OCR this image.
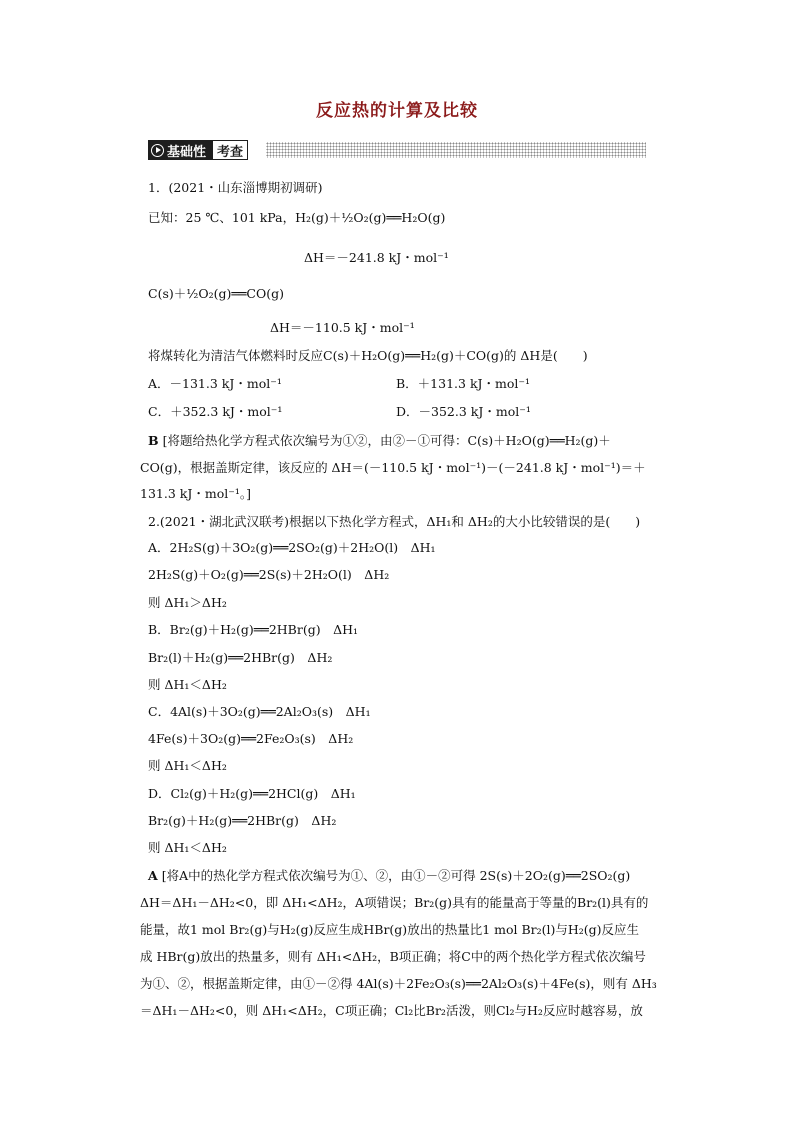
反应热的计算及比较
基础性 考查
1．(2021・山东淄博期初调研)
已知：25 ℃、101 kPa，H₂(g)＋½O₂(g)══H₂O(g)
ΔH＝－241.8 kJ・mol⁻¹
C(s)＋½O₂(g)══CO(g)
ΔH＝－110.5 kJ・mol⁻¹
将煤转化为清洁气体燃料时反应C(s)＋H₂O(g)══H₂(g)＋CO(g)的 ΔH是(　　)
A．－131.3 kJ・mol⁻¹	B．＋131.3 kJ・mol⁻¹
C．＋352.3 kJ・mol⁻¹	D．－352.3 kJ・mol⁻¹
B [将题给热化学方程式依次编号为①②，由②－①可得：C(s)＋H₂O(g)══H₂(g)＋
CO(g)，根据盖斯定律，该反应的 ΔH＝(－110.5 kJ・mol⁻¹)－(－241.8 kJ・mol⁻¹)＝＋
131.3 kJ・mol⁻¹。]
2.(2021・湖北武汉联考)根据以下热化学方程式，ΔH₁和 ΔH₂的大小比较错误的是(　　)
A．2H₂S(g)＋3O₂(g)══2SO₂(g)＋2H₂O(l)　ΔH₁
2H₂S(g)＋O₂(g)══2S(s)＋2H₂O(l)　ΔH₂
则 ΔH₁＞ΔH₂
B．Br₂(g)＋H₂(g)══2HBr(g)　ΔH₁
Br₂(l)＋H₂(g)══2HBr(g)　ΔH₂
则 ΔH₁＜ΔH₂
C．4Al(s)＋3O₂(g)══2Al₂O₃(s)　ΔH₁
4Fe(s)＋3O₂(g)══2Fe₂O₃(s)　ΔH₂
则 ΔH₁＜ΔH₂
D．Cl₂(g)＋H₂(g)══2HCl(g)　ΔH₁
Br₂(g)＋H₂(g)══2HBr(g)　ΔH₂
则 ΔH₁＜ΔH₂
A [将A中的热化学方程式依次编号为①、②，由①－②可得 2S(s)＋2O₂(g)══2SO₂(g)
ΔH＝ΔH₁－ΔH₂<0，即 ΔH₁<ΔH₂，A项错误；Br₂(g)具有的能量高于等量的Br₂(l)具有的
能量，故1 mol Br₂(g)与H₂(g)反应生成HBr(g)放出的热量比1 mol Br₂(l)与H₂(g)反应生
成 HBr(g)放出的热量多，则有 ΔH₁<ΔH₂，B项正确；将C中的两个热化学方程式依次编号
为①、②，根据盖斯定律，由①－②得 4Al(s)＋2Fe₂O₃(s)══2Al₂O₃(s)＋4Fe(s)，则有 ΔH₃
＝ΔH₁－ΔH₂<0，则 ΔH₁<ΔH₂，C项正确；Cl₂比Br₂活泼，则Cl₂与H₂反应时越容易，放
